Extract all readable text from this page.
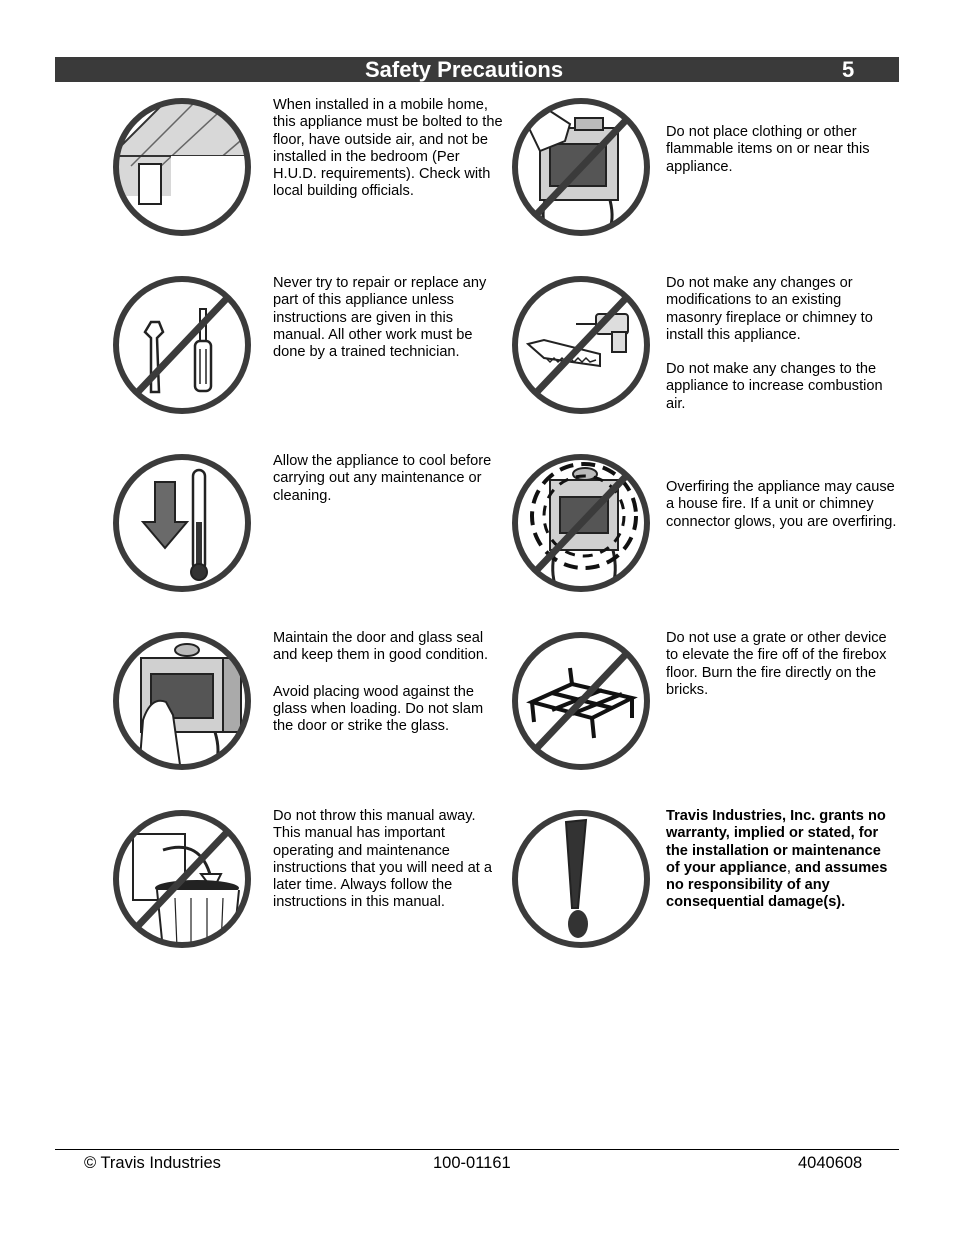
Safety Precautions	5

When installed in a mobile home, this appliance must be bolted to the floor, have outside air, and not be installed in the bedroom (Per H.U.D. requirements). Check with local building officials.

Do not place clothing or other flammable items on or near this appliance.

Never try to repair or replace any part of this appliance unless instructions are given in this manual. All other work must be done by a trained technician.

Do not make any changes or modifications to an existing masonry fireplace or chimney to install this appliance.

Do not make any changes to the appliance to increase combustion air.

Allow the appliance to cool before carrying out any maintenance or cleaning.

Overfiring the appliance may cause a house fire. If a unit or chimney connector glows, you are overfiring.

Maintain the door and glass seal and keep them in good condition.

Avoid placing wood against the glass when loading. Do not slam the door or strike the glass.

Do not use a grate or other device to elevate the fire off of the firebox floor. Burn the fire directly on the bricks.

Do not throw this manual away. This manual has important operating and maintenance instructions that you will need at a later time. Always follow the instructions in this manual.

Travis Industries, Inc. grants no warranty, implied or stated, for the installation or maintenance of your appliance, and assumes no responsibility of any consequential damage(s).

© Travis Industries	100-01161	4040608
